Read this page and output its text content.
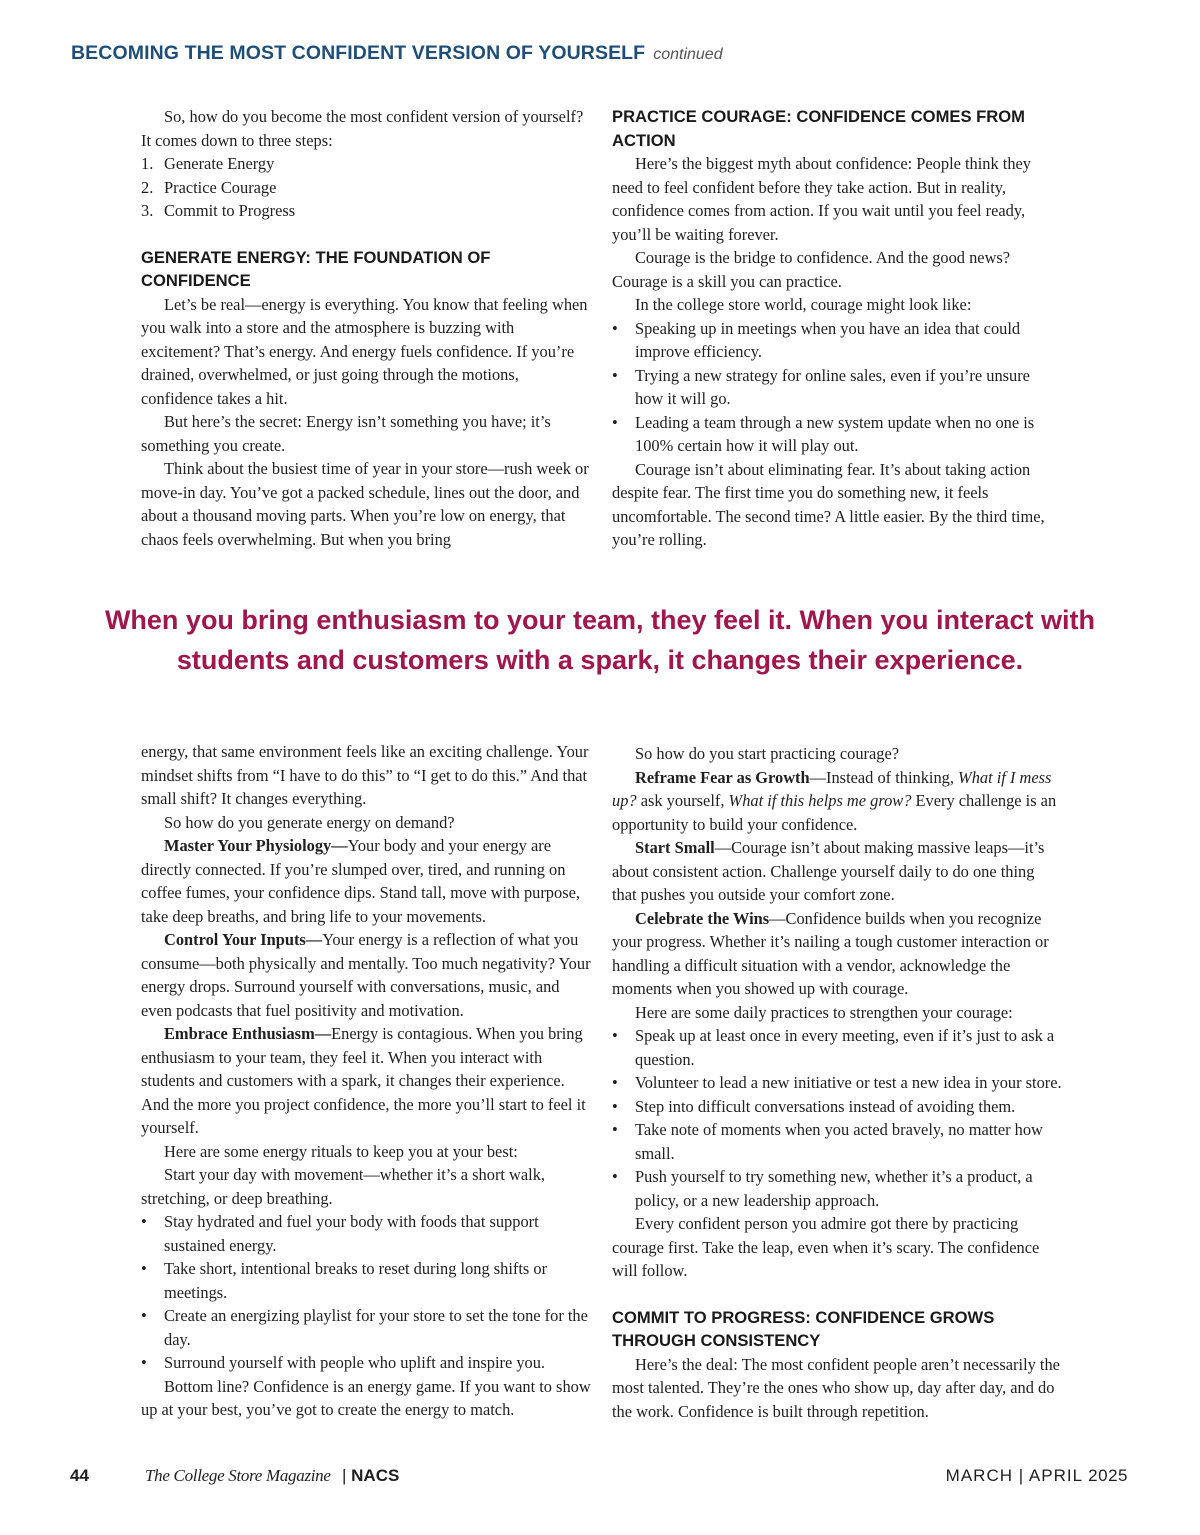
BECOMING THE MOST CONFIDENT VERSION OF YOURSELF continued

So, how do you become the most confident version of yourself? It comes down to three steps:

1. Generate Energy
2. Practice Courage
3. Commit to Progress

GENERATE ENERGY: THE FOUNDATION OF CONFIDENCE

Let’s be real—energy is everything. You know that feeling when you walk into a store and the atmosphere is buzzing with excitement? That’s energy. And energy fuels confidence. If you’re drained, overwhelmed, or just going through the motions, confidence takes a hit.

But here’s the secret: Energy isn’t something you have; it’s something you create.

Think about the busiest time of year in your store—rush week or move-in day. You’ve got a packed schedule, lines out the door, and about a thousand moving parts. When you’re low on energy, that chaos feels overwhelming. But when you bring

PRACTICE COURAGE: CONFIDENCE COMES FROM ACTION

Here’s the biggest myth about confidence: People think they need to feel confident before they take action. But in reality, confidence comes from action. If you wait until you feel ready, you’ll be waiting forever.

Courage is the bridge to confidence. And the good news? Courage is a skill you can practice.

In the college store world, courage might look like:

• Speaking up in meetings when you have an idea that could improve efficiency.
• Trying a new strategy for online sales, even if you’re unsure how it will go.
• Leading a team through a new system update when no one is 100% certain how it will play out.

Courage isn’t about eliminating fear. It’s about taking action despite fear. The first time you do something new, it feels uncomfortable. The second time? A little easier. By the third time, you’re rolling.

When you bring enthusiasm to your team, they feel it. When you interact with
students and customers with a spark, it changes their experience.

energy, that same environment feels like an exciting challenge. Your mindset shifts from “I have to do this” to “I get to do this.” And that small shift? It changes everything.

So how do you generate energy on demand?

Master Your Physiology—Your body and your energy are directly connected. If you’re slumped over, tired, and running on coffee fumes, your confidence dips. Stand tall, move with purpose, take deep breaths, and bring life to your movements.

Control Your Inputs—Your energy is a reflection of what you consume—both physically and mentally. Too much negativity? Your energy drops. Surround yourself with conversations, music, and even podcasts that fuel positivity and motivation.

Embrace Enthusiasm—Energy is contagious. When you bring enthusiasm to your team, they feel it. When you interact with students and customers with a spark, it changes their experience. And the more you project confidence, the more you’ll start to feel it yourself.

Here are some energy rituals to keep you at your best:

Start your day with movement—whether it’s a short walk, stretching, or deep breathing.

• Stay hydrated and fuel your body with foods that support sustained energy.
• Take short, intentional breaks to reset during long shifts or meetings.
• Create an energizing playlist for your store to set the tone for the day.
• Surround yourself with people who uplift and inspire you.

Bottom line? Confidence is an energy game. If you want to show up at your best, you’ve got to create the energy to match.

So how do you start practicing courage?

Reframe Fear as Growth—Instead of thinking, What if I mess up? ask yourself, What if this helps me grow? Every challenge is an opportunity to build your confidence.

Start Small—Courage isn’t about making massive leaps—it’s about consistent action. Challenge yourself daily to do one thing that pushes you outside your comfort zone.

Celebrate the Wins—Confidence builds when you recognize your progress. Whether it’s nailing a tough customer interaction or handling a difficult situation with a vendor, acknowledge the moments when you showed up with courage.

Here are some daily practices to strengthen your courage:

• Speak up at least once in every meeting, even if it’s just to ask a question.
• Volunteer to lead a new initiative or test a new idea in your store.
• Step into difficult conversations instead of avoiding them.
• Take note of moments when you acted bravely, no matter how small.
• Push yourself to try something new, whether it’s a product, a policy, or a new leadership approach.

Every confident person you admire got there by practicing courage first. Take the leap, even when it’s scary. The confidence will follow.

COMMIT TO PROGRESS: CONFIDENCE GROWS THROUGH CONSISTENCY

Here’s the deal: The most confident people aren’t necessarily the most talented. They’re the ones who show up, day after day, and do the work. Confidence is built through repetition.

44	The College Store Magazine | NACS	MARCH | APRIL 2025
